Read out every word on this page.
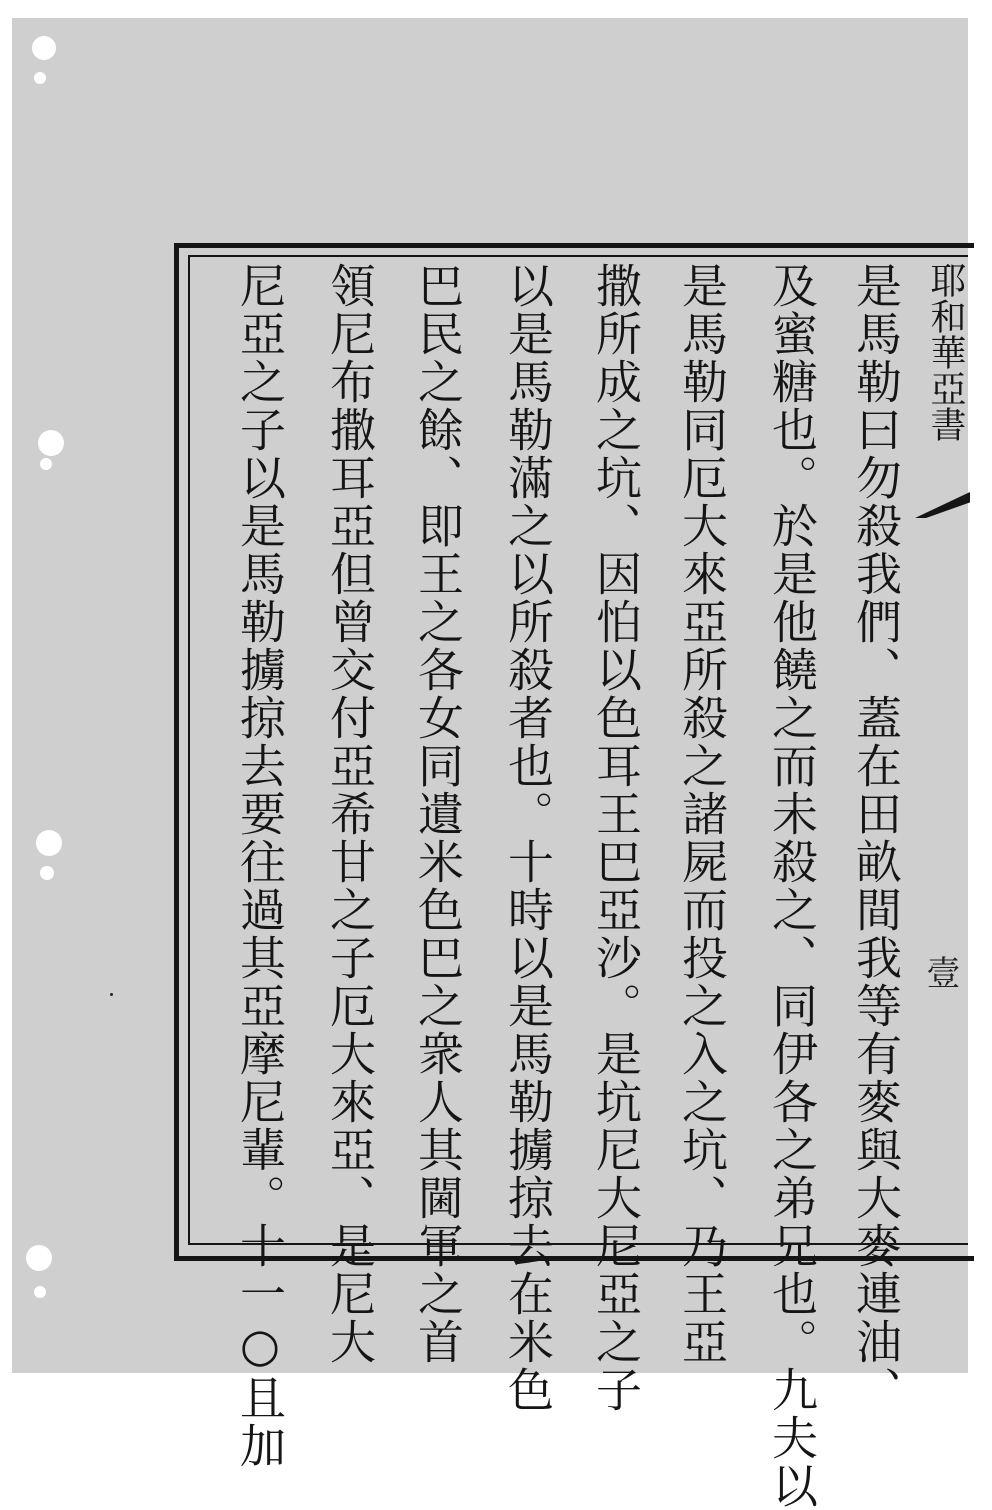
耶和華亞書
壹
是馬勒曰勿殺我們、蓋在田畝間我等有麥與大麥連油、
及蜜糖也。於是他饒之而未殺之、同伊各之弟兄也。九夫以
是馬勒同厄大來亞所殺之諸屍而投之入之坑、乃王亞
撒所成之坑、因怕以色耳王巴亞沙。是坑尼大尼亞之子
以是馬勒滿之以所殺者也。十時以是馬勒擄掠去在米色
巴民之餘、即王之各女同遺米色巴之衆人其閫軍之首
領尼布撒耳亞但曾交付亞希甘之子厄大來亞、是尼大
尼亞之子以是馬勒擄掠去要往過其亞摩尼輩。十一○且加
